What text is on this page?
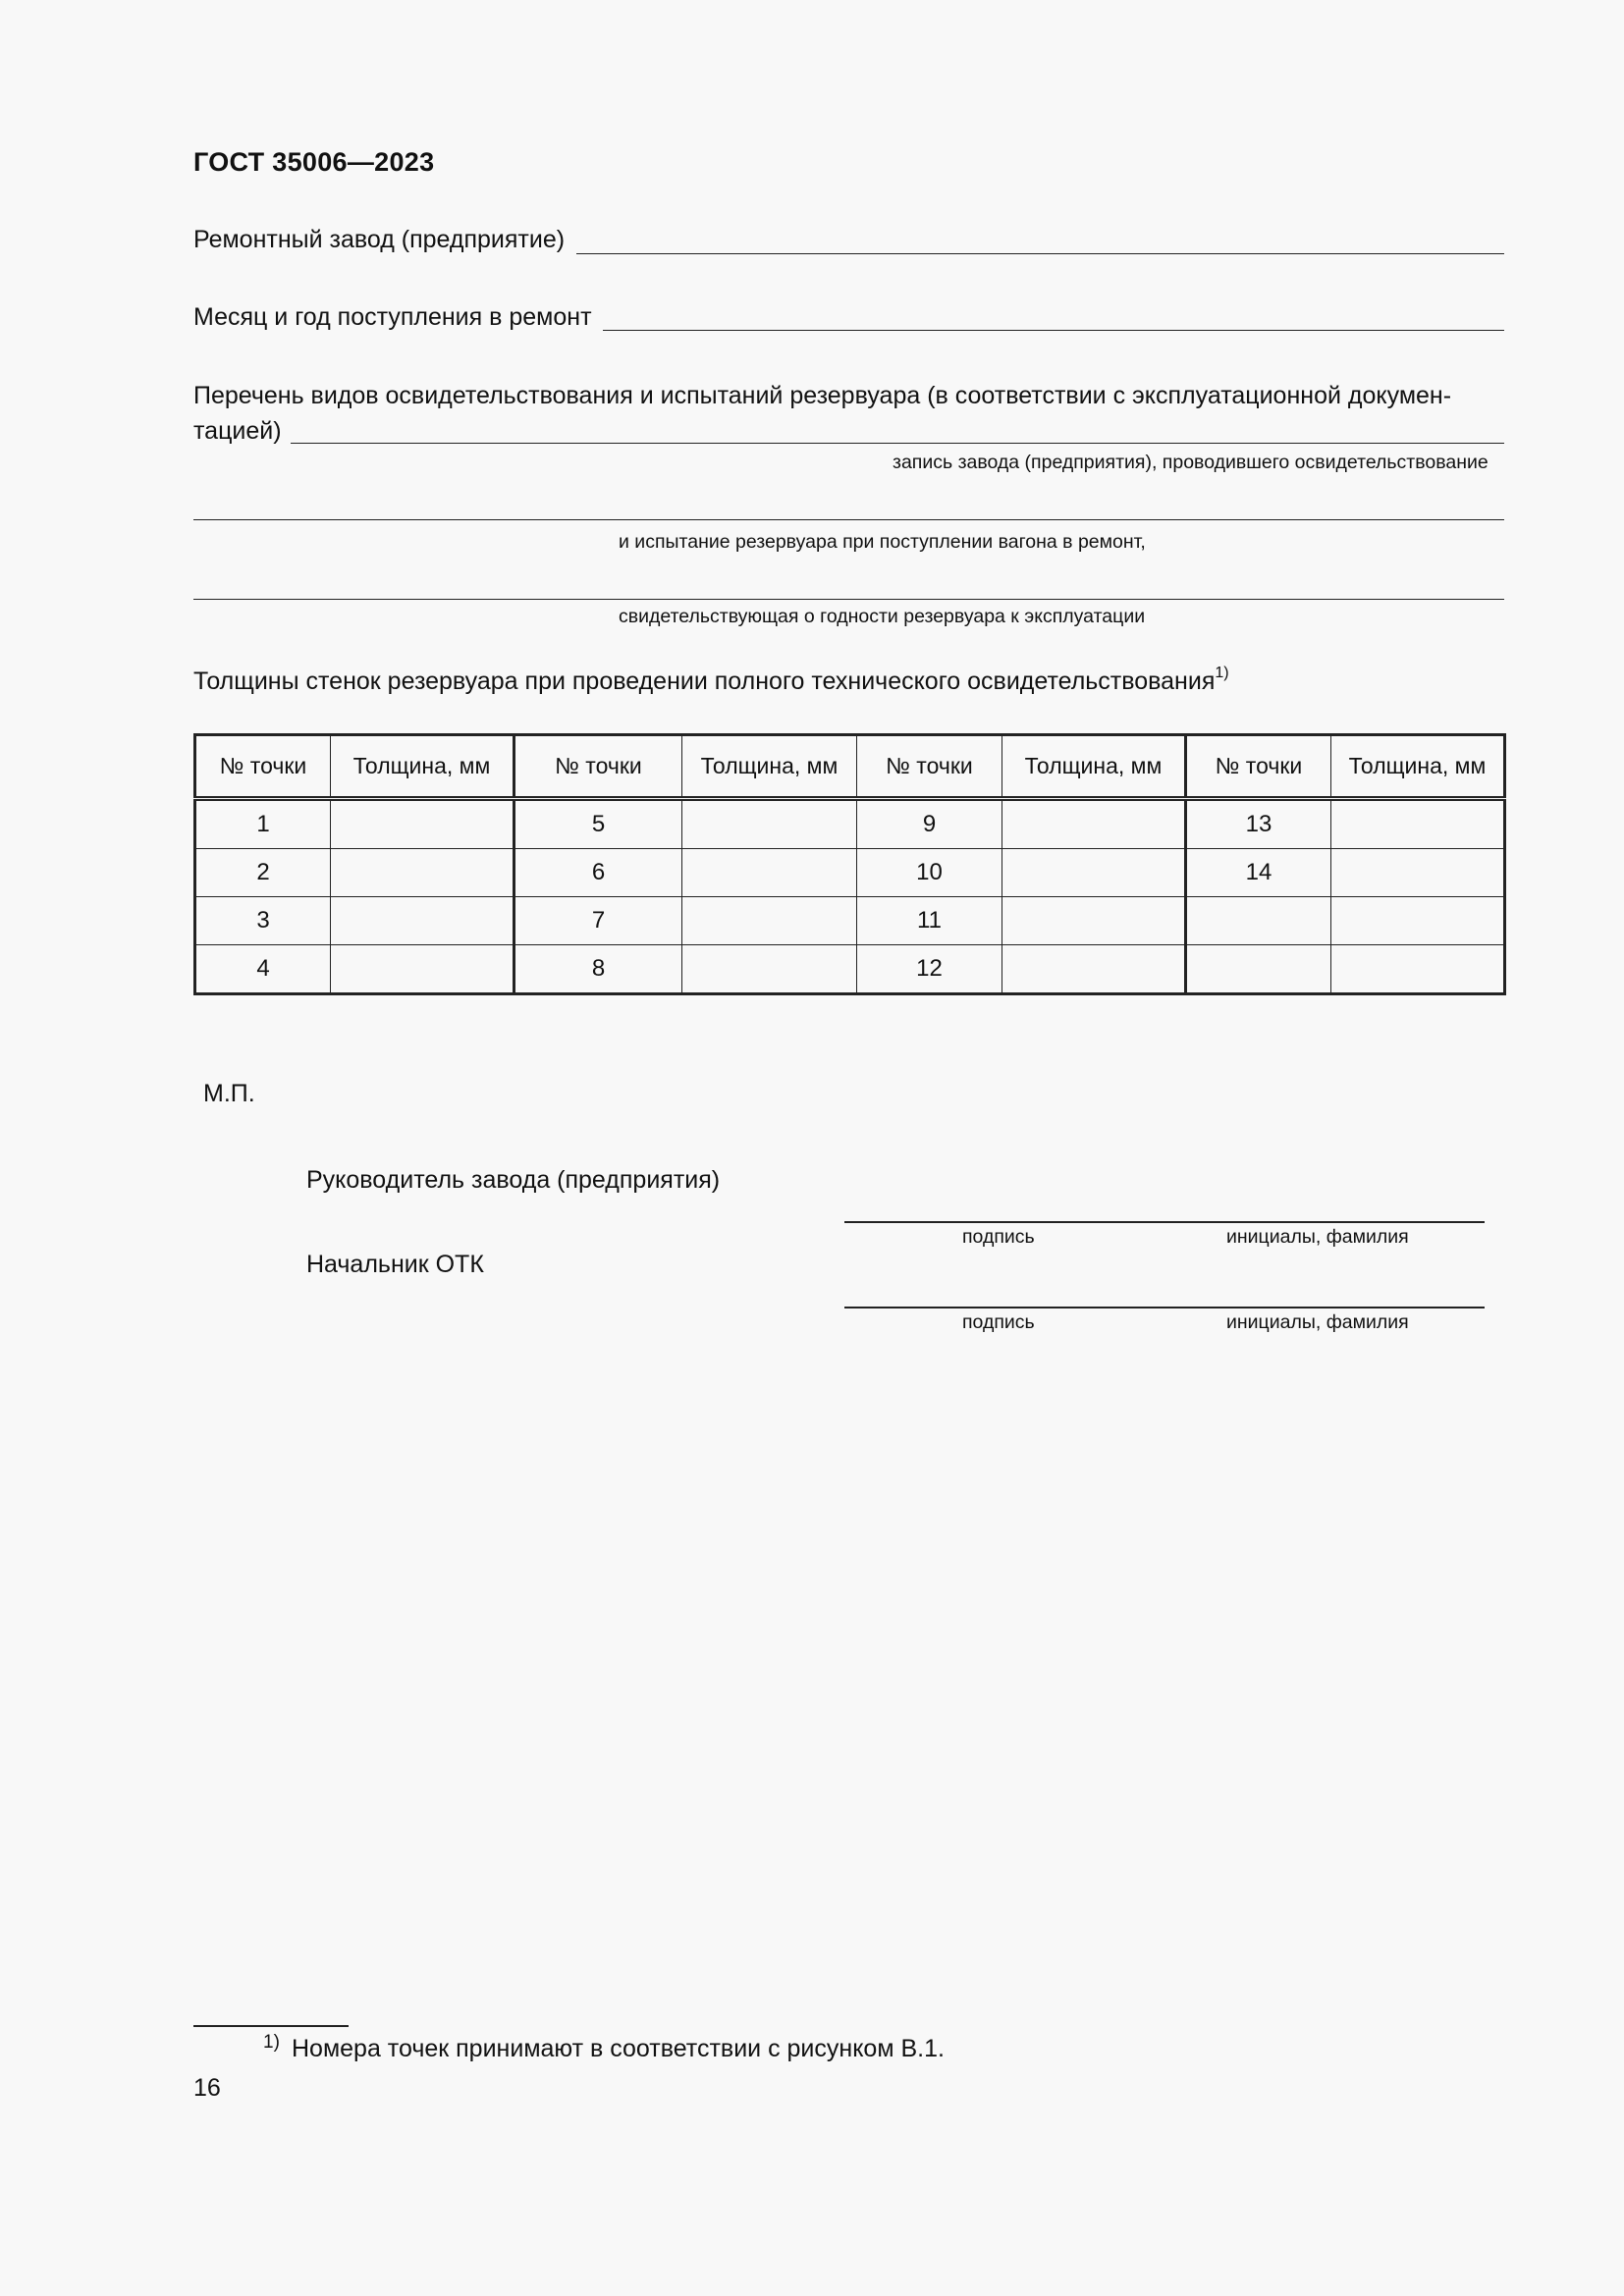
ГОСТ 35006—2023
Ремонтный завод (предприятие)
Месяц и год поступления в ремонт
Перечень видов освидетельствования и испытаний резервуара (в соответствии с эксплуатационной докумен-
тацией)
запись завода (предприятия), проводившего освидетельствование
и испытание резервуара при поступлении вагона в ремонт,
свидетельствующая о годности резервуара к эксплуатации
Толщины стенок резервуара при проведении полного технического освидетельствования$^{1)}$
№ точки	Толщина, мм	№ точки	Толщина, мм	№ точки	Толщина, мм	№ точки	Толщина, мм
1		5		9		13	
2		6		10		14	
3		7		11			
4		8		12			
М.П.
Руководитель завода (предприятия)
подпись	инициалы, фамилия
Начальник ОТК
подпись	инициалы, фамилия
1) Номера точек принимают в соответствии с рисунком В.1.
16
